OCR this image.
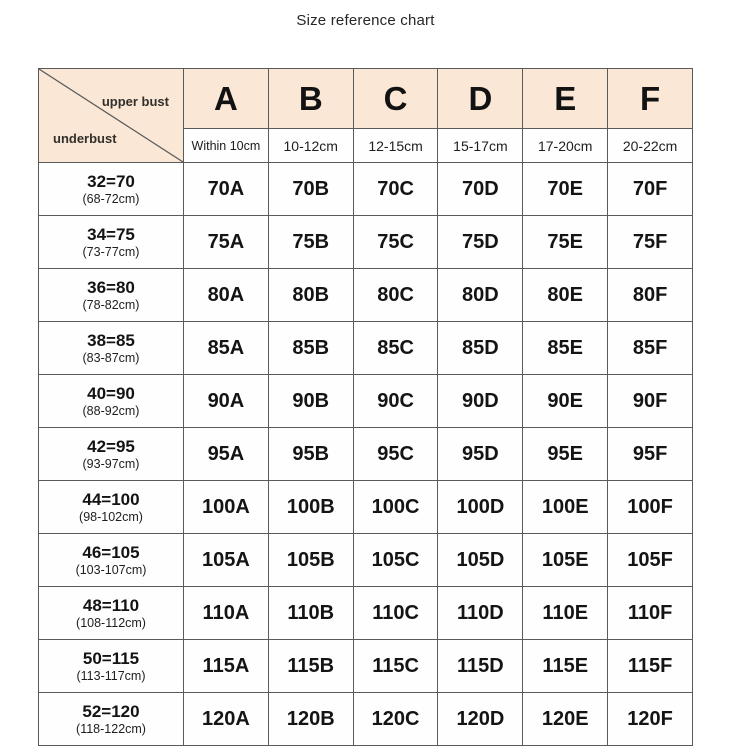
Size reference chart
upper bust
underbust	A	B	C	D	E	F
	Within 10cm	10-12cm	12-15cm	15-17cm	17-20cm	20-22cm

32=70
(68-72cm)	70A	70B	70C	70D	70E	70F

34=75
(73-77cm)	75A	75B	75C	75D	75E	75F

36=80
(78-82cm)	80A	80B	80C	80D	80E	80F

38=85
(83-87cm)	85A	85B	85C	85D	85E	85F

40=90
(88-92cm)	90A	90B	90C	90D	90E	90F

42=95
(93-97cm)	95A	95B	95C	95D	95E	95F

44=100
(98-102cm)	100A	100B	100C	100D	100E	100F

46=105
(103-107cm)	105A	105B	105C	105D	105E	105F

48=110
(108-112cm)	110A	110B	110C	110D	110E	110F

50=115
(113-117cm)	115A	115B	115C	115D	115E	115F

52=120
(118-122cm)	120A	120B	120C	120D	120E	120F
